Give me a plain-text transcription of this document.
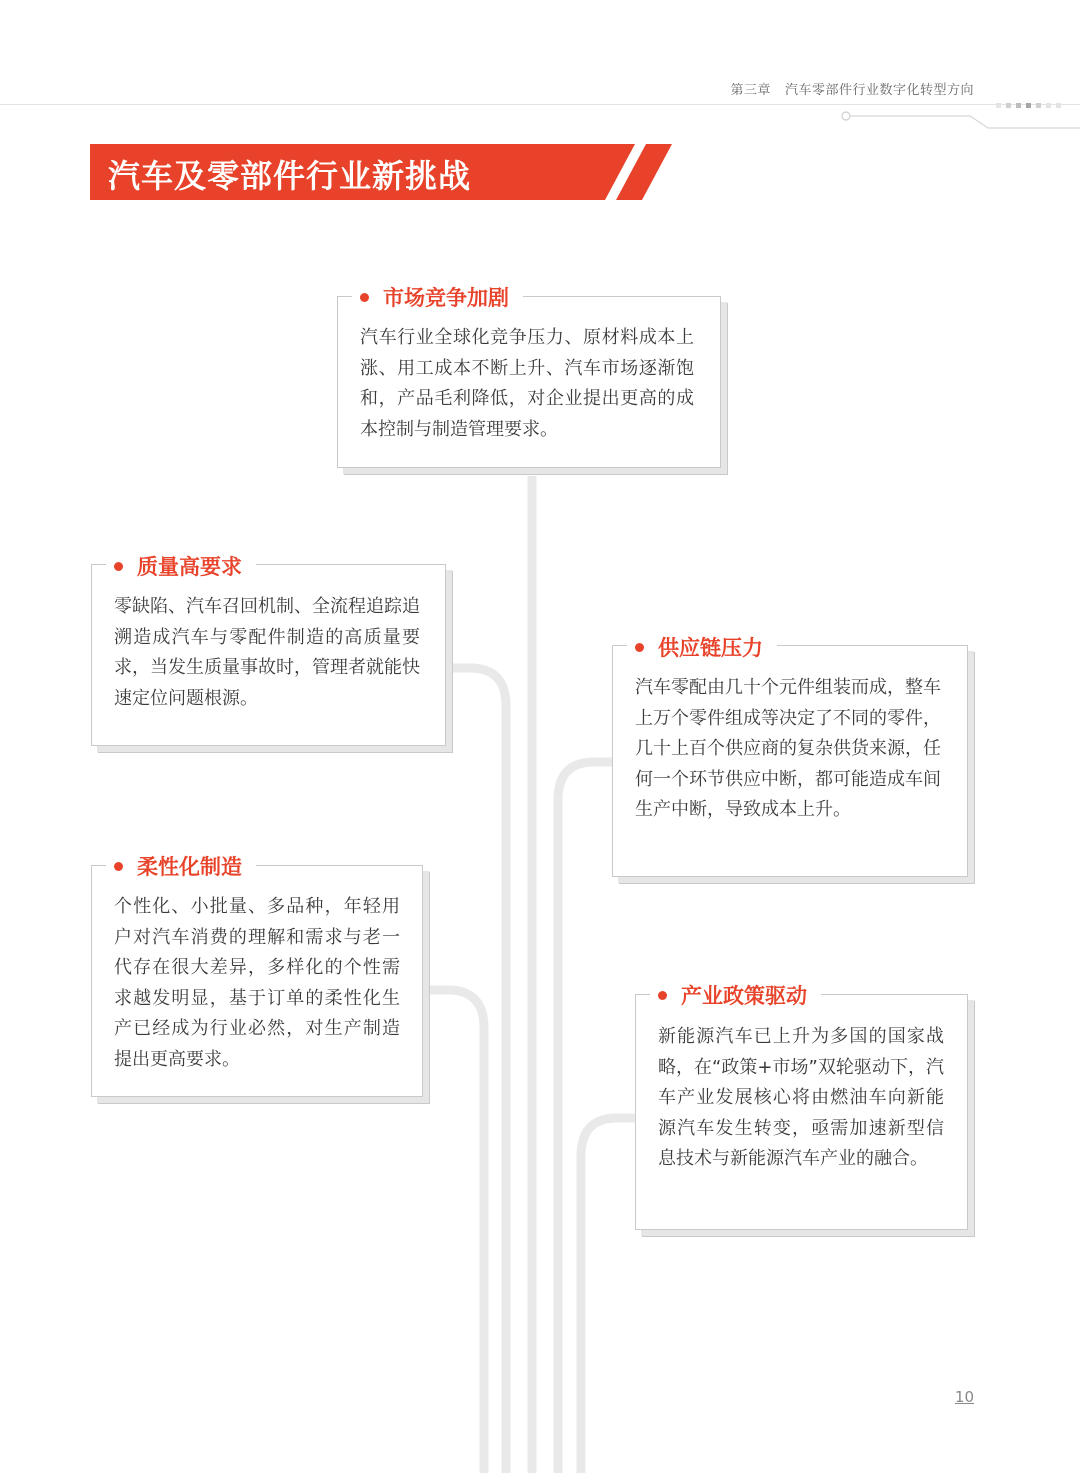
第三章 汽车零部件行业数字化转型方向
汽车及零部件行业新挑战
市场竞争加剧
汽车行业全球化竞争压力、原材料成本上涨、用工成本不断上升、汽车市场逐渐饱和，产品毛利降低，对企业提出更高的成本控制与制造管理要求。
质量高要求
零缺陷、汽车召回机制、全流程追踪追溯造成汽车与零配件制造的高质量要求，当发生质量事故时，管理者就能快速定位问题根源。
供应链压力
汽车零配由几十个元件组装而成，整车上万个零件组成等决定了不同的零件，几十上百个供应商的复杂供货来源，任何一个环节供应中断，都可能造成车间生产中断，导致成本上升。
柔性化制造
个性化、小批量、多品种，年轻用户对汽车消费的理解和需求与老一代存在很大差异，多样化的个性需求越发明显，基于订单的柔性化生产已经成为行业必然，对生产制造提出更高要求。
产业政策驱动
新能源汽车已上升为多国的国家战略，在“政策+市场”双轮驱动下，汽车产业发展核心将由燃油车向新能源汽车发生转变，亟需加速新型信息技术与新能源汽车产业的融合。
10
